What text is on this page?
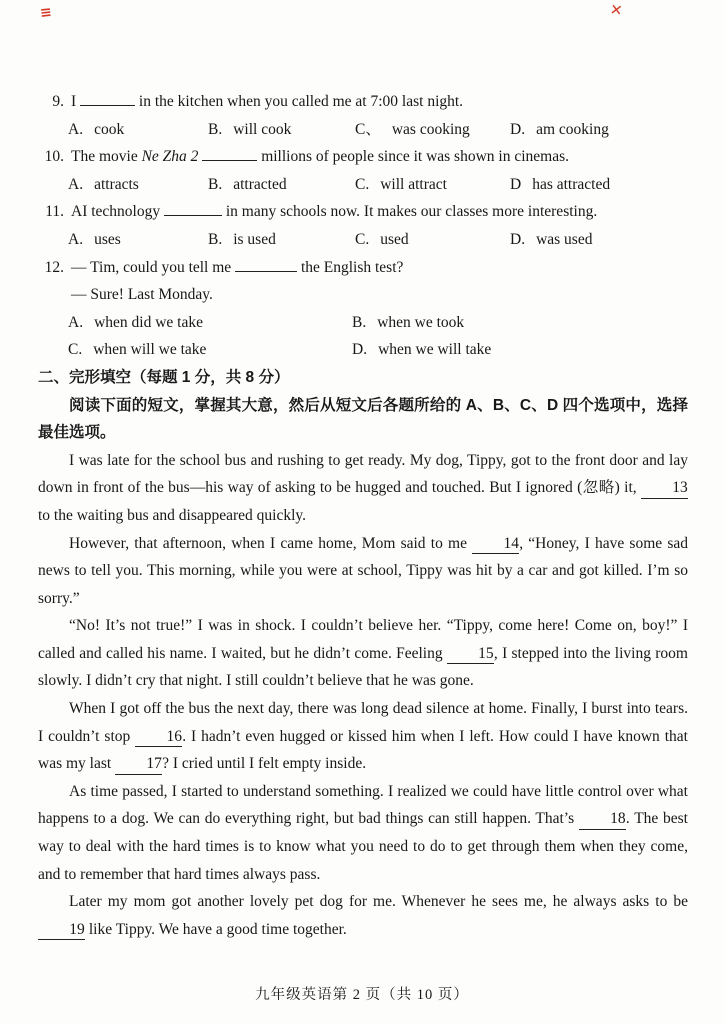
≡	✕
9. I	in the kitchen when you called me at 7:00 last night.
A. cook	B. will cook	C、 was cooking	D. am cooking
10. The movie Ne Zha 2	millions of people since it was shown in cinemas.
A. attracts	B. attracted	C. will attract	D has attracted
11. AI technology	in many schools now. It makes our classes more interesting.
A. uses	B. is used	C. used	D. was used
12. — Tim, could you tell me	the English test?
— Sure! Last Monday.
A. when did we take	B. when we took
C. when will we take	D. when we will take
二、完形填空（每题 1 分，共 8 分）
阅读下面的短文，掌握其大意，然后从短文后各题所给的 A、B、C、D 四个选项中，选择最佳选项。
I was late for the school bus and rushing to get ready. My dog, Tippy, got to the front door and lay down in front of the bus—his way of asking to be hugged and touched. But I ignored (忽略) it, 13 to the waiting bus and disappeared quickly.
However, that afternoon, when I came home, Mom said to me 14, “Honey, I have some sad news to tell you. This morning, while you were at school, Tippy was hit by a car and got killed. I’m so sorry.”
“No! It’s not true!” I was in shock. I couldn’t believe her. “Tippy, come here! Come on, boy!” I called and called his name. I waited, but he didn’t come. Feeling 15, I stepped into the living room slowly. I didn’t cry that night. I still couldn’t believe that he was gone.
When I got off the bus the next day, there was long dead silence at home. Finally, I burst into tears. I couldn’t stop 16. I hadn’t even hugged or kissed him when I left. How could I have known that was my last 17? I cried until I felt empty inside.
As time passed, I started to understand something. I realized we could have little control over what happens to a dog. We can do everything right, but bad things can still happen. That’s 18. The best way to deal with the hard times is to know what you need to do to get through them when they come, and to remember that hard times always pass.
Later my mom got another lovely pet dog for me. Whenever he sees me, he always asks to be 19 like Tippy. We have a good time together.
九年级英语第 2 页（共 10 页）
